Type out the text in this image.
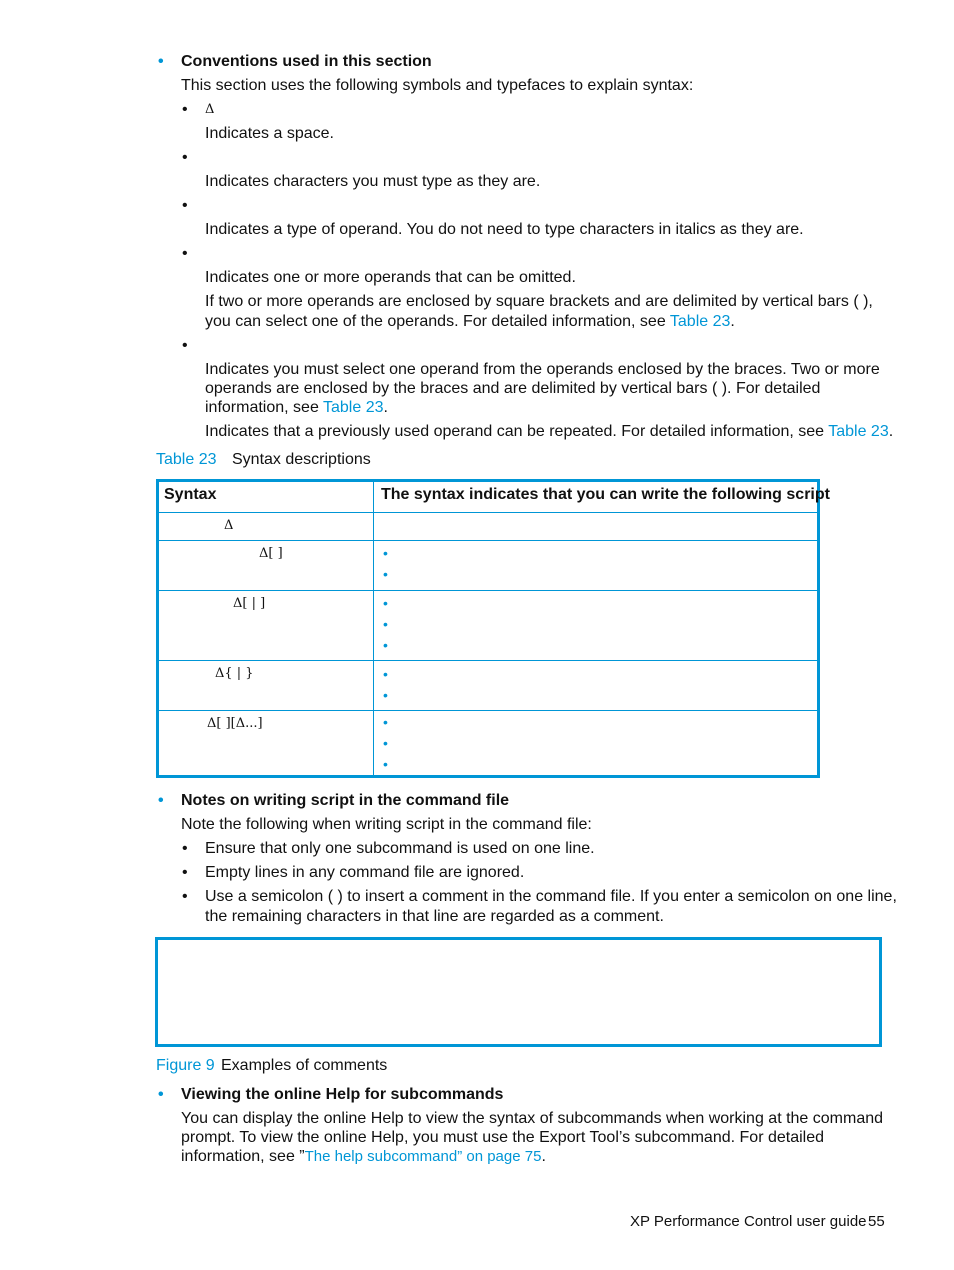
• Conventions used in this section
This section uses the following symbols and typefaces to explain syntax:
• Δ
Indicates a space.
•
Indicates characters you must type as they are.
•
Indicates a type of operand. You do not need to type characters in italics as they are.
•
Indicates one or more operands that can be omitted.
If two or more operands are enclosed by square brackets and are delimited by vertical bars ( ),
you can select one of the operands. For detailed information, see Table 23.
•
Indicates you must select one operand from the operands enclosed by the braces. Two or more
operands are enclosed by the braces and are delimited by vertical bars ( ). For detailed
information, see Table 23.
Indicates that a previously used operand can be repeated. For detailed information, see Table 23.
Table 23 Syntax descriptions
Syntax	The syntax indicates that you can write the following script
Δ
Δ[ ]	•
•
Δ[ | ]	•
•
•
Δ{ | }	•
•
Δ[ ][Δ...]	•
•
•
• Notes on writing script in the command file
Note the following when writing script in the command file:
• Ensure that only one subcommand is used on one line.
• Empty lines in any command file are ignored.
• Use a semicolon ( ) to insert a comment in the command file. If you enter a semicolon on one line,
the remaining characters in that line are regarded as a comment.
Figure 9 Examples of comments
• Viewing the online Help for subcommands
You can display the online Help to view the syntax of subcommands when working at the command
prompt. To view the online Help, you must use the Export Tool’s subcommand. For detailed
information, see ”The help subcommand” on page 75.
XP Performance Control user guide 55
